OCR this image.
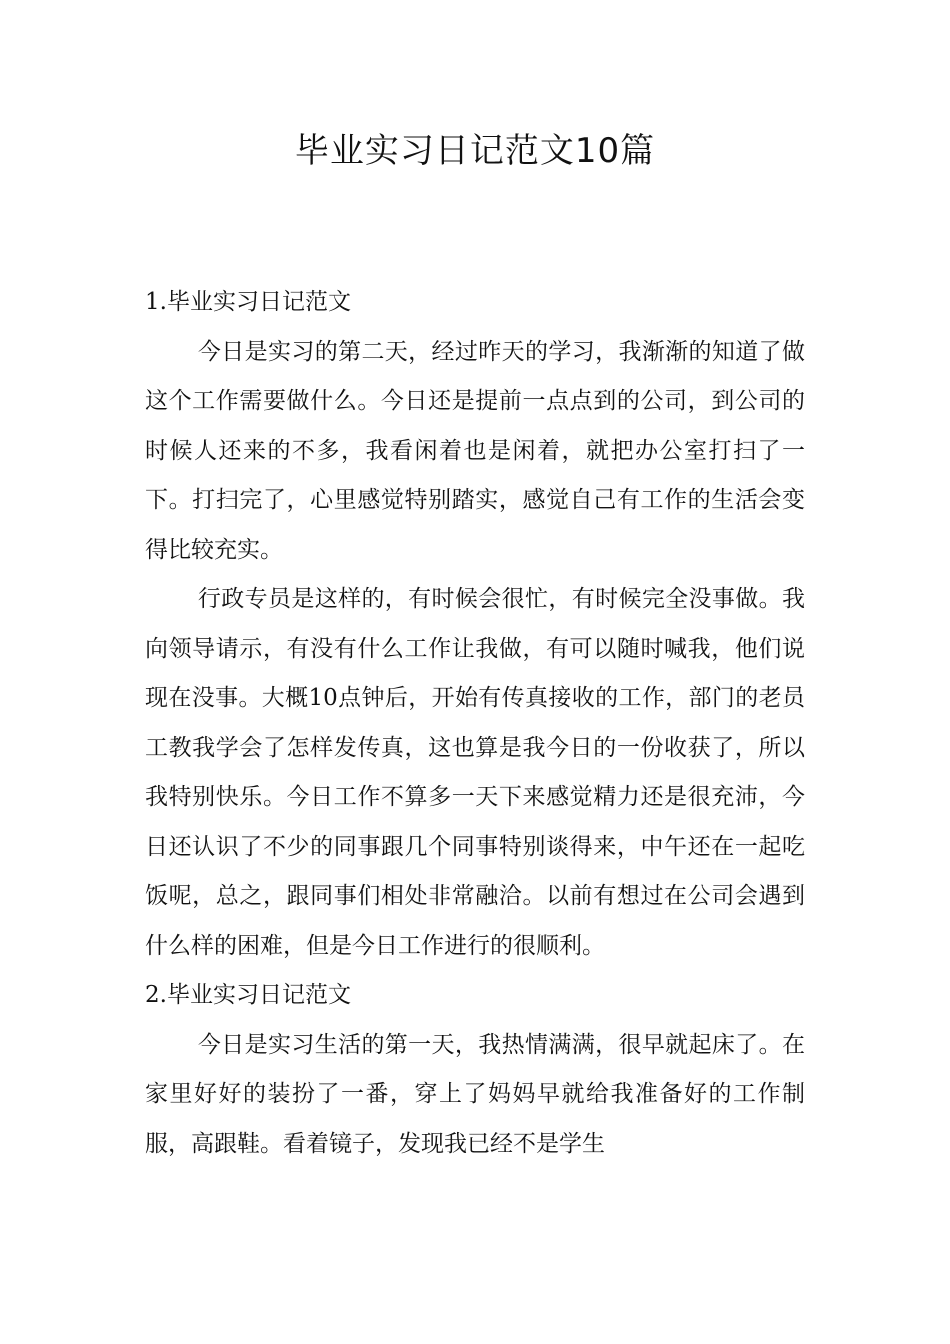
毕业实习日记范文10篇
1.毕业实习日记范文

今日是实习的第二天，经过昨天的学习，我渐渐的知道了做这个工作需要做什么。今日还是提前一点点到的公司，到公司的时候人还来的不多，我看闲着也是闲着，就把办公室打扫了一下。打扫完了，心里感觉特别踏实，感觉自己有工作的生活会变得比较充实。

行政专员是这样的，有时候会很忙，有时候完全没事做。我向领导请示，有没有什么工作让我做，有可以随时喊我，他们说现在没事。大概10点钟后，开始有传真接收的工作，部门的老员工教我学会了怎样发传真，这也算是我今日的一份收获了，所以我特别快乐。今日工作不算多一天下来感觉精力还是很充沛，今日还认识了不少的同事跟几个同事特别谈得来，中午还在一起吃饭呢，总之，跟同事们相处非常融洽。以前有想过在公司会遇到什么样的困难，但是今日工作进行的很顺利。

2.毕业实习日记范文

今日是实习生活的第一天，我热情满满，很早就起床了。在家里好好的装扮了一番，穿上了妈妈早就给我准备好的工作制 服，高跟鞋。看着镜子，发现我已经不是学生
